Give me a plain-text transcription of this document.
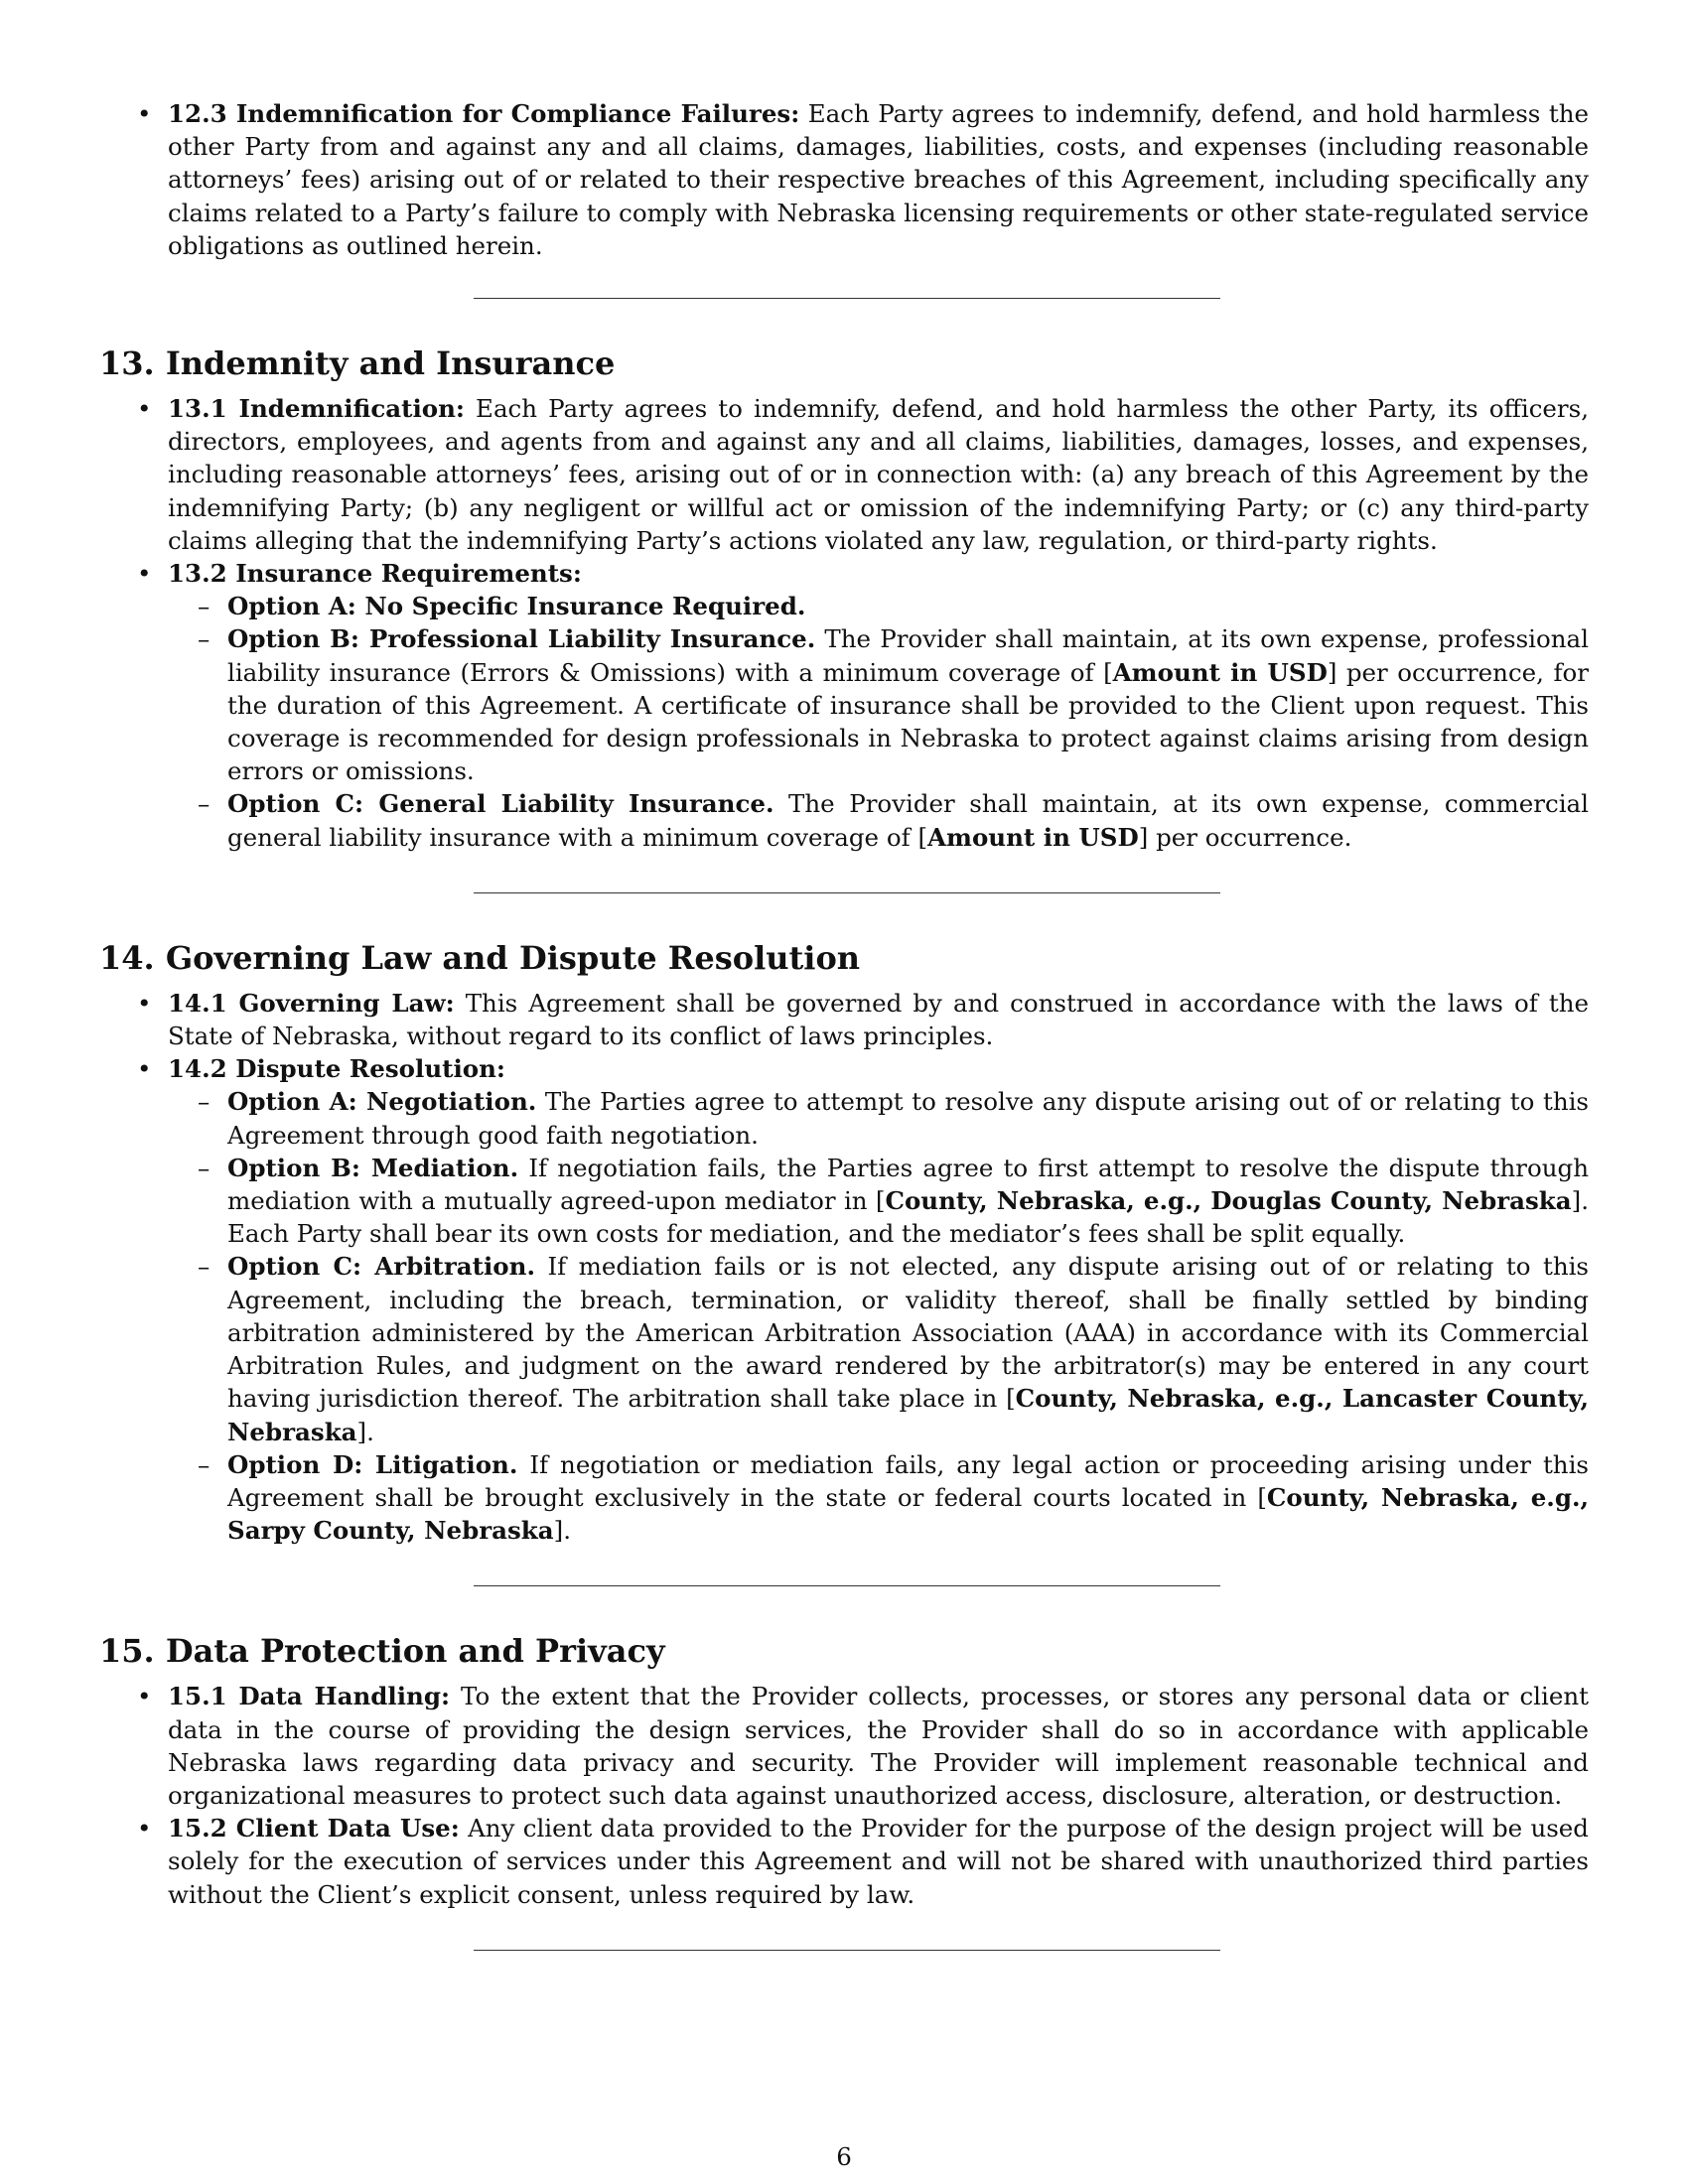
• 12.3 Indemnification for Compliance Failures: Each Party agrees to indemnify, defend, and hold harmless the other Party from and against any and all claims, damages, liabilities, costs, and expenses (including reasonable attorneys’ fees) arising out of or related to their respective breaches of this Agreement, including specifically any claims related to a Party’s failure to comply with Nebraska licensing requirements or other state-regulated service obligations as outlined herein.
13. Indemnity and Insurance
• 13.1 Indemnification: Each Party agrees to indemnify, defend, and hold harmless the other Party, its officers, directors, employees, and agents from and against any and all claims, liabilities, damages, losses, and expenses, including reasonable attorneys’ fees, arising out of or in connection with: (a) any breach of this Agreement by the indemnifying Party; (b) any negligent or willful act or omission of the indemnifying Party; or (c) any third-party claims alleging that the indemnifying Party’s actions violated any law, regulation, or third-party rights.
• 13.2 Insurance Requirements:
– Option A: No Specific Insurance Required.
– Option B: Professional Liability Insurance. The Provider shall maintain, at its own expense, professional liability insurance (Errors & Omissions) with a minimum coverage of [Amount in USD] per occurrence, for the duration of this Agreement. A certificate of insurance shall be provided to the Client upon request. This coverage is recommended for design professionals in Nebraska to protect against claims arising from design errors or omissions.
– Option C: General Liability Insurance. The Provider shall maintain, at its own expense, commercial general liability insurance with a minimum coverage of [Amount in USD] per occurrence.
14. Governing Law and Dispute Resolution
• 14.1 Governing Law: This Agreement shall be governed by and construed in accordance with the laws of the State of Nebraska, without regard to its conflict of laws principles.
• 14.2 Dispute Resolution:
– Option A: Negotiation. The Parties agree to attempt to resolve any dispute arising out of or relating to this Agreement through good faith negotiation.
– Option B: Mediation. If negotiation fails, the Parties agree to first attempt to resolve the dispute through mediation with a mutually agreed-upon mediator in [County, Nebraska, e.g., Douglas County, Nebraska]. Each Party shall bear its own costs for mediation, and the mediator’s fees shall be split equally.
– Option C: Arbitration. If mediation fails or is not elected, any dispute arising out of or relating to this Agreement, including the breach, termination, or validity thereof, shall be finally settled by binding arbitration administered by the American Arbitration Association (AAA) in accordance with its Commercial Arbitration Rules, and judgment on the award rendered by the arbitrator(s) may be entered in any court having jurisdiction thereof. The arbitration shall take place in [County, Nebraska, e.g., Lancaster County, Nebraska].
– Option D: Litigation. If negotiation or mediation fails, any legal action or proceeding arising under this Agreement shall be brought exclusively in the state or federal courts located in [County, Nebraska, e.g., Sarpy County, Nebraska].
15. Data Protection and Privacy
• 15.1 Data Handling: To the extent that the Provider collects, processes, or stores any personal data or client data in the course of providing the design services, the Provider shall do so in accordance with applicable Nebraska laws regarding data privacy and security. The Provider will implement reasonable technical and organizational measures to protect such data against unauthorized access, disclosure, alteration, or destruction.
• 15.2 Client Data Use: Any client data provided to the Provider for the purpose of the design project will be used solely for the execution of services under this Agreement and will not be shared with unauthorized third parties without the Client’s explicit consent, unless required by law.
6
